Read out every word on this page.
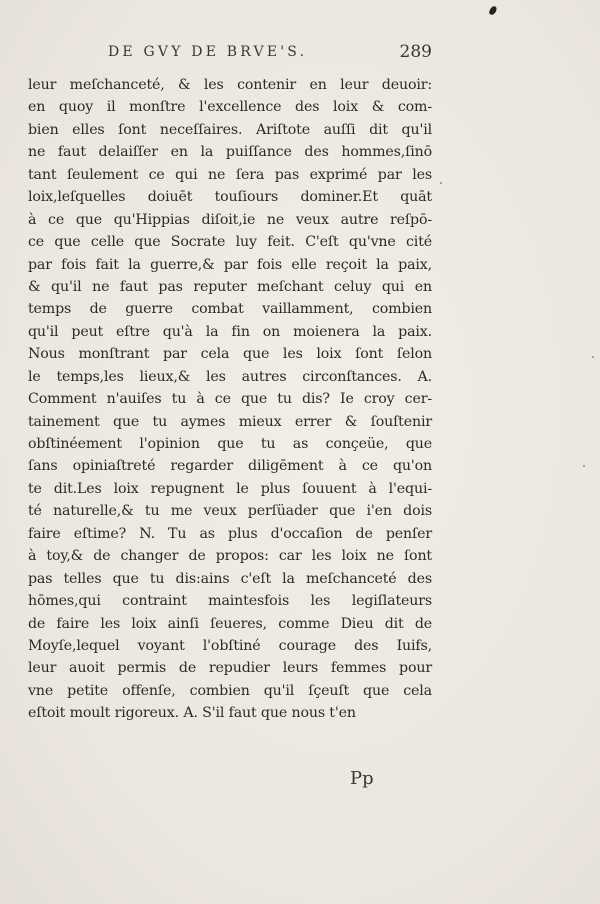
DE GVY DE BRVE'S.	289
leur meſchanceté, & les contenir en leur deuoir:
en quoy il monſtre l'excellence des loix & com-
bien elles ſont neceſſaires. Ariſtote auſſi dit qu'il
ne faut delaiſſer en la puiſſance des hommes,ſinō
tant ſeulement ce qui ne ſera pas exprimé par les
loix,leſquelles doiuēt touſiours dominer.Et quāt
à ce que qu'Hippias diſoit,ie ne veux autre reſpō-
ce que celle que Socrate luy feit. C'eſt qu'vne cité
par fois fait la guerre,& par fois elle reçoit la paix,
& qu'il ne faut pas reputer meſchant celuy qui en
temps de guerre combat vaillamment, combien
qu'il peut eſtre qu'à la fin on moienera la paix.
Nous monſtrant par cela que les loix ſont ſelon
le temps,les lieux,& les autres circonſtances. A.
Comment n'auiſes tu à ce que tu dis? Ie croy cer-
tainement que tu aymes mieux errer & ſouſtenir
obſtinéement l'opinion que tu as conçeüe, que
ſans opiniaſtreté regarder diligēment à ce qu'on
te dit.Les loix repugnent le plus ſouuent à l'equi-
té naturelle,& tu me veux perſüader que i'en dois
faire eſtime? N. Tu as plus d'occaſion de penſer
à toy,& de changer de propos: car les loix ne ſont
pas telles que tu dis:ains c'eſt la meſchanceté des
hōmes,qui contraint maintesfois les legiſlateurs
de faire les loix ainſi ſeueres, comme Dieu dit de
Moyſe,lequel voyant l'obſtiné courage des Iuifs,
leur auoit permis de repudier leurs femmes pour
vne petite offenſe, combien qu'il ſçeuſt que cela
eſtoit moult rigoreux. A. S'il faut que nous t'en
Pp
